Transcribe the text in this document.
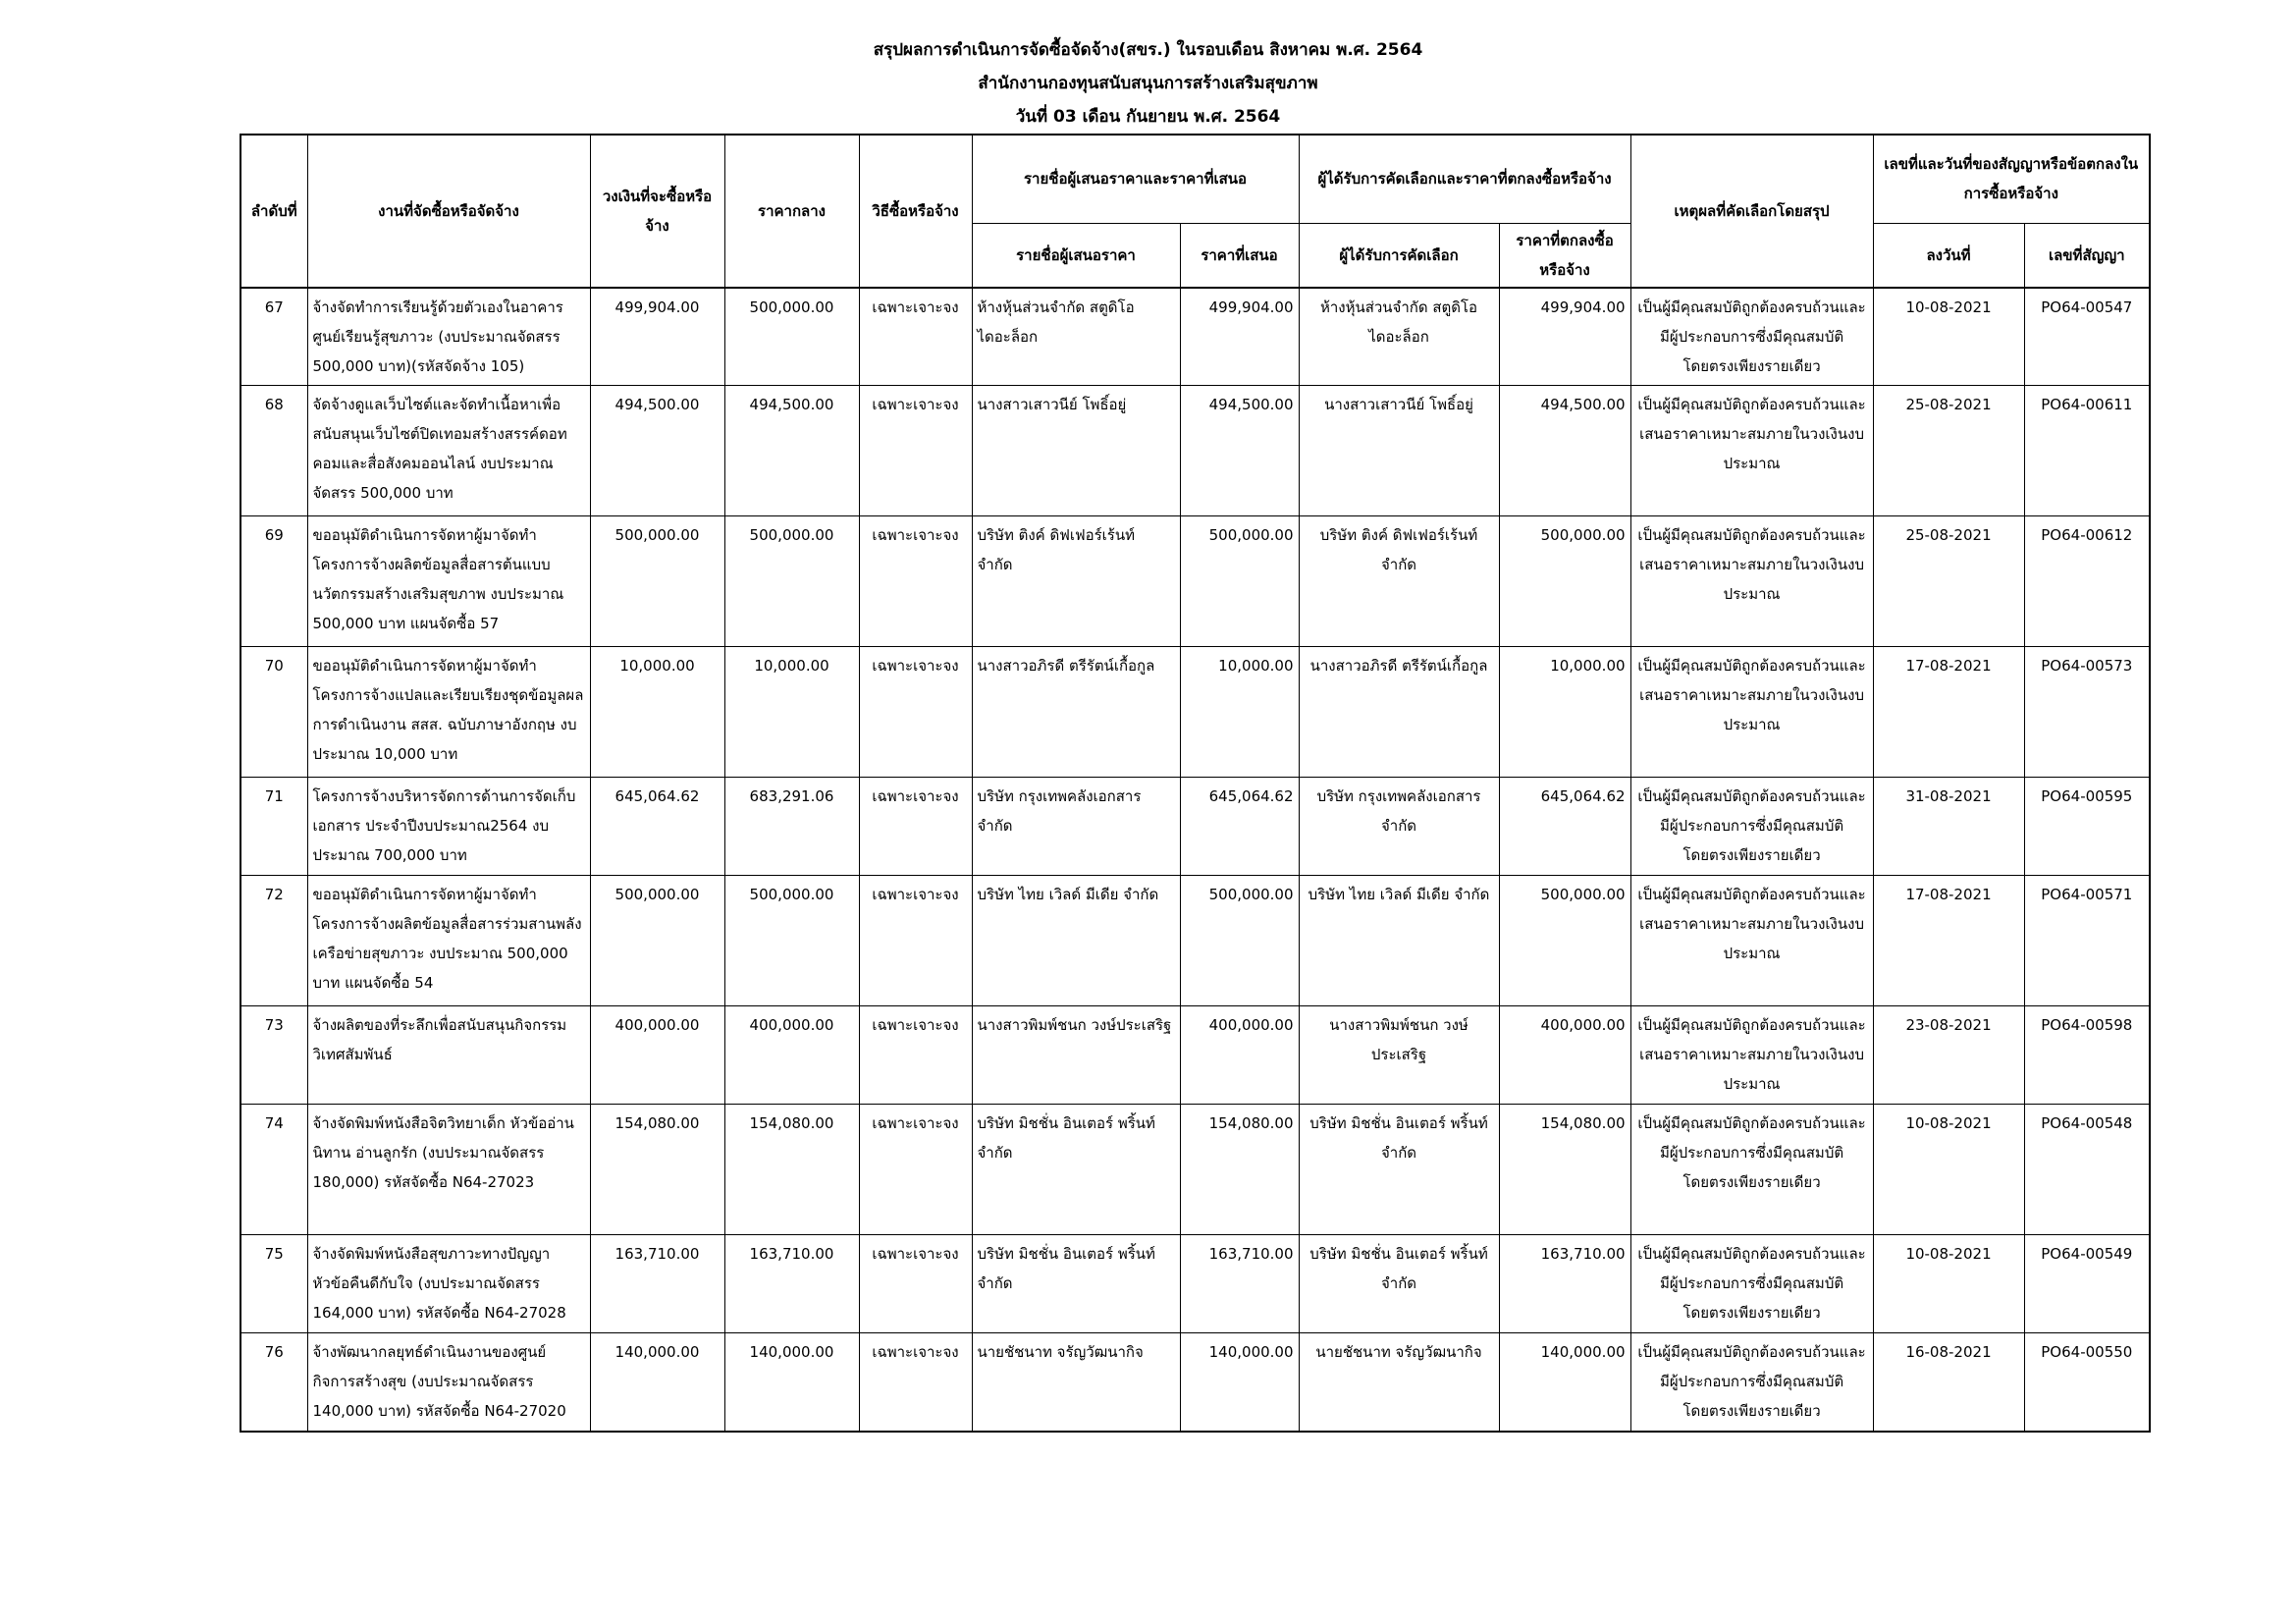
สรุปผลการดำเนินการจัดซื้อจัดจ้าง(สขร.) ในรอบเดือน สิงหาคม พ.ศ. 2564
สำนักงานกองทุนสนับสนุนการสร้างเสริมสุขภาพ
วันที่ 03 เดือน กันยายน พ.ศ. 2564
ลำดับที่	งานที่จัดซื้อหรือจัดจ้าง	วงเงินที่จะซื้อหรือจ้าง	ราคากลาง	วิธีซื้อหรือจ้าง	รายชื่อผู้เสนอราคาและราคาที่เสนอ		ผู้ได้รับการคัดเลือกและราคาที่ตกลงซื้อหรือจ้าง		เหตุผลที่คัดเลือกโดยสรุป	เลขที่และวันที่ของสัญญาหรือข้อตกลงในการซื้อหรือจ้าง	
					รายชื่อผู้เสนอราคา	ราคาที่เสนอ	ผู้ได้รับการคัดเลือก	ราคาที่ตกลงซื้อหรือจ้าง		ลงวันที่	เลขที่สัญญา
67	จ้างจัดทำการเรียนรู้ด้วยตัวเองในอาคารศูนย์เรียนรู้สุขภาวะ (งบประมาณจัดสรร 500,000 บาท)(รหัสจัดจ้าง 105)	499,904.00	500,000.00	เฉพาะเจาะจง	ห้างหุ้นส่วนจำกัด สตูดิโอไดอะล็อก	499,904.00	ห้างหุ้นส่วนจำกัด สตูดิโอไดอะล็อก	499,904.00	เป็นผู้มีคุณสมบัติถูกต้องครบถ้วนและมีผู้ประกอบการซึ่งมีคุณสมบัติโดยตรงเพียงรายเดียว	10-08-2021	PO64-00547
68	จัดจ้างดูแลเว็บไซต์และจัดทำเนื้อหาเพื่อสนับสนุนเว็บไซต์ปิดเทอมสร้างสรรค์ดอทคอมและสื่อสังคมออนไลน์ งบประมาณจัดสรร 500,000 บาท	494,500.00	494,500.00	เฉพาะเจาะจง	นางสาวเสาวนีย์ โพธิ์อยู่	494,500.00	นางสาวเสาวนีย์ โพธิ์อยู่	494,500.00	เป็นผู้มีคุณสมบัติถูกต้องครบถ้วนและเสนอราคาเหมาะสมภายในวงเงินงบประมาณ	25-08-2021	PO64-00611
69	ขออนุมัติดำเนินการจัดหาผู้มาจัดทำโครงการจ้างผลิตข้อมูลสื่อสารต้นแบบนวัตกรรมสร้างเสริมสุขภาพ งบประมาณ 500,000 บาท แผนจัดซื้อ 57	500,000.00	500,000.00	เฉพาะเจาะจง	บริษัท ติงค์ ดิฟเฟอร์เร้นท์ จำกัด	500,000.00	บริษัท ติงค์ ดิฟเฟอร์เร้นท์ จำกัด	500,000.00	เป็นผู้มีคุณสมบัติถูกต้องครบถ้วนและเสนอราคาเหมาะสมภายในวงเงินงบประมาณ	25-08-2021	PO64-00612
70	ขออนุมัติดำเนินการจัดหาผู้มาจัดทำโครงการจ้างแปลและเรียบเรียงชุดข้อมูลผลการดำเนินงาน สสส. ฉบับภาษาอังกฤษ งบประมาณ 10,000 บาท	10,000.00	10,000.00	เฉพาะเจาะจง	นางสาวอภิรดี ตรีรัตน์เกื้อกูล	10,000.00	นางสาวอภิรดี ตรีรัตน์เกื้อกูล	10,000.00	เป็นผู้มีคุณสมบัติถูกต้องครบถ้วนและเสนอราคาเหมาะสมภายในวงเงินงบประมาณ	17-08-2021	PO64-00573
71	โครงการจ้างบริหารจัดการด้านการจัดเก็บเอกสาร ประจำปีงบประมาณ2564 งบประมาณ 700,000 บาท	645,064.62	683,291.06	เฉพาะเจาะจง	บริษัท กรุงเทพคลังเอกสาร จำกัด	645,064.62	บริษัท กรุงเทพคลังเอกสาร จำกัด	645,064.62	เป็นผู้มีคุณสมบัติถูกต้องครบถ้วนและมีผู้ประกอบการซึ่งมีคุณสมบัติโดยตรงเพียงรายเดียว	31-08-2021	PO64-00595
72	ขออนุมัติดำเนินการจัดหาผู้มาจัดทำโครงการจ้างผลิตข้อมูลสื่อสารร่วมสานพลังเครือข่ายสุขภาวะ งบประมาณ 500,000 บาท แผนจัดซื้อ 54	500,000.00	500,000.00	เฉพาะเจาะจง	บริษัท ไทย เวิลด์ มีเดีย จำกัด	500,000.00	บริษัท ไทย เวิลด์ มีเดีย จำกัด	500,000.00	เป็นผู้มีคุณสมบัติถูกต้องครบถ้วนและเสนอราคาเหมาะสมภายในวงเงินงบประมาณ	17-08-2021	PO64-00571
73	จ้างผลิตของที่ระลึกเพื่อสนับสนุนกิจกรรมวิเทศสัมพันธ์	400,000.00	400,000.00	เฉพาะเจาะจง	นางสาวพิมพ์ชนก วงษ์ประเสริฐ	400,000.00	นางสาวพิมพ์ชนก วงษ์ประเสริฐ	400,000.00	เป็นผู้มีคุณสมบัติถูกต้องครบถ้วนและเสนอราคาเหมาะสมภายในวงเงินงบประมาณ	23-08-2021	PO64-00598
74	จ้างจัดพิมพ์หนังสือจิตวิทยาเด็ก หัวข้ออ่านนิทาน อ่านลูกรัก (งบประมาณจัดสรร 180,000) รหัสจัดซื้อ N64-27023	154,080.00	154,080.00	เฉพาะเจาะจง	บริษัท มิชชั่น อินเตอร์ พริ้นท์ จำกัด	154,080.00	บริษัท มิชชั่น อินเตอร์ พริ้นท์ จำกัด	154,080.00	เป็นผู้มีคุณสมบัติถูกต้องครบถ้วนและมีผู้ประกอบการซึ่งมีคุณสมบัติโดยตรงเพียงรายเดียว	10-08-2021	PO64-00548
75	จ้างจัดพิมพ์หนังสือสุขภาวะทางปัญญา หัวข้อคืนดีกับใจ (งบประมาณจัดสรร 164,000 บาท) รหัสจัดซื้อ N64-27028	163,710.00	163,710.00	เฉพาะเจาะจง	บริษัท มิชชั่น อินเตอร์ พริ้นท์ จำกัด	163,710.00	บริษัท มิชชั่น อินเตอร์ พริ้นท์ จำกัด	163,710.00	เป็นผู้มีคุณสมบัติถูกต้องครบถ้วนและมีผู้ประกอบการซึ่งมีคุณสมบัติโดยตรงเพียงรายเดียว	10-08-2021	PO64-00549
76	จ้างพัฒนากลยุทธ์ดำเนินงานของศูนย์กิจการสร้างสุข (งบประมาณจัดสรร 140,000 บาท) รหัสจัดซื้อ N64-27020	140,000.00	140,000.00	เฉพาะเจาะจง	นายชัชนาท จรัญวัฒนากิจ	140,000.00	นายชัชนาท จรัญวัฒนากิจ	140,000.00	เป็นผู้มีคุณสมบัติถูกต้องครบถ้วนและมีผู้ประกอบการซึ่งมีคุณสมบัติโดยตรงเพียงรายเดียว	16-08-2021	PO64-00550
